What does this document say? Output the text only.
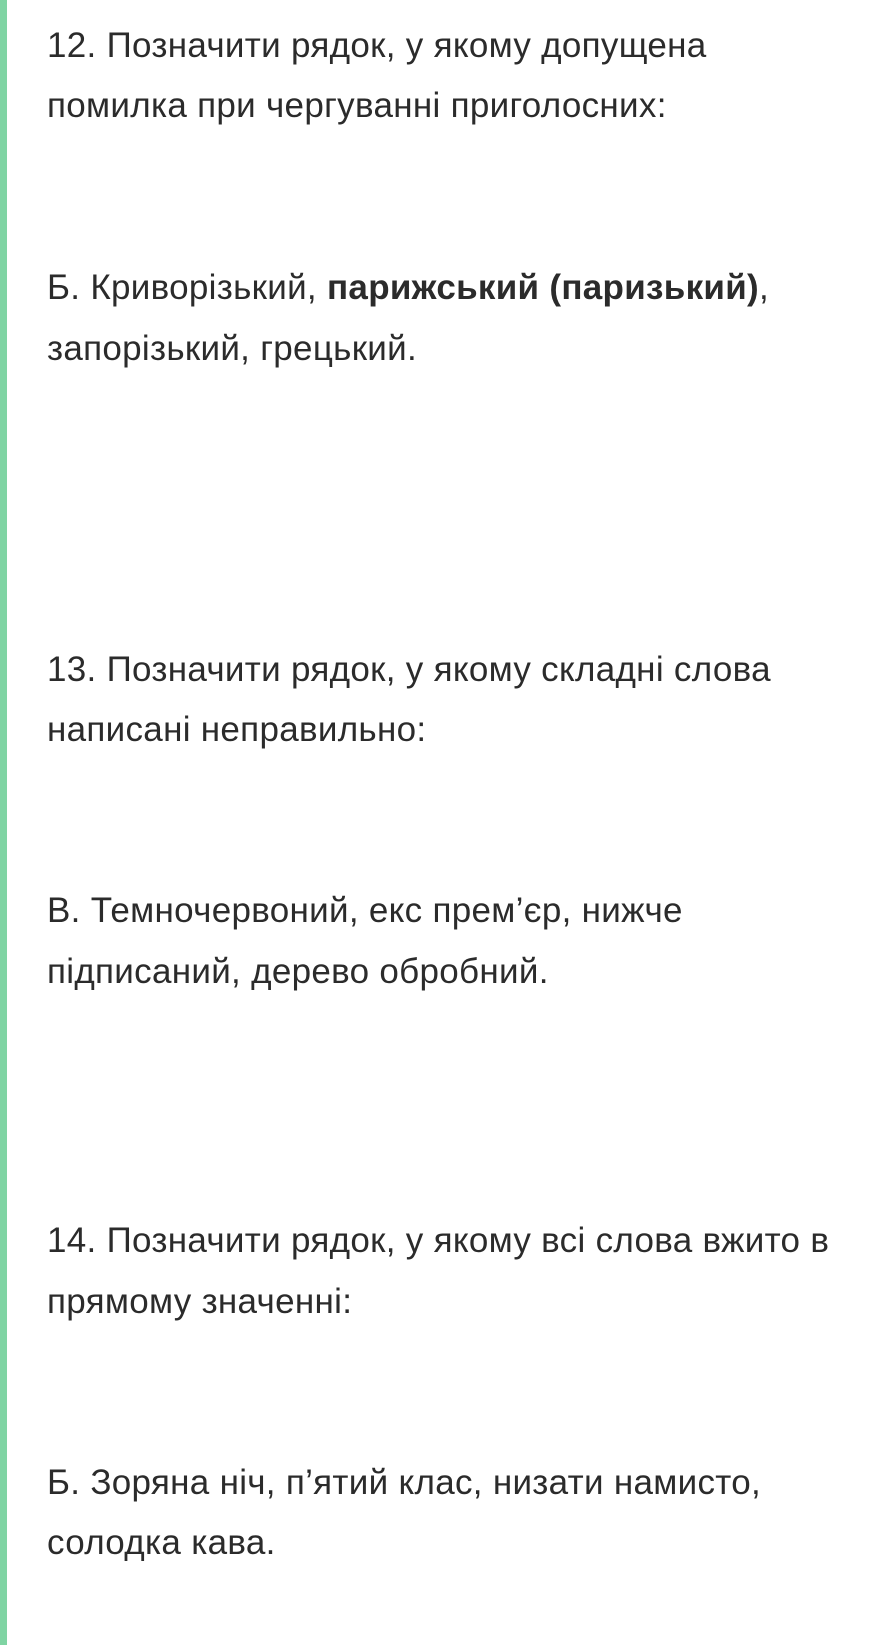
12. Позначити рядок, у якому допущена
помилка при чергуванні приголосних:
Б. Криворізький, парижський (паризький),
запорізький, грецький.
13. Позначити рядок, у якому складні слова
написані неправильно:
В. Темночервоний, екс прем’єр, нижче
підписаний, дерево обробний.
14. Позначити рядок, у якому всі слова вжито в
прямому значенні:
Б. Зоряна ніч, п’ятий клас, низати намисто,
солодка кава.
